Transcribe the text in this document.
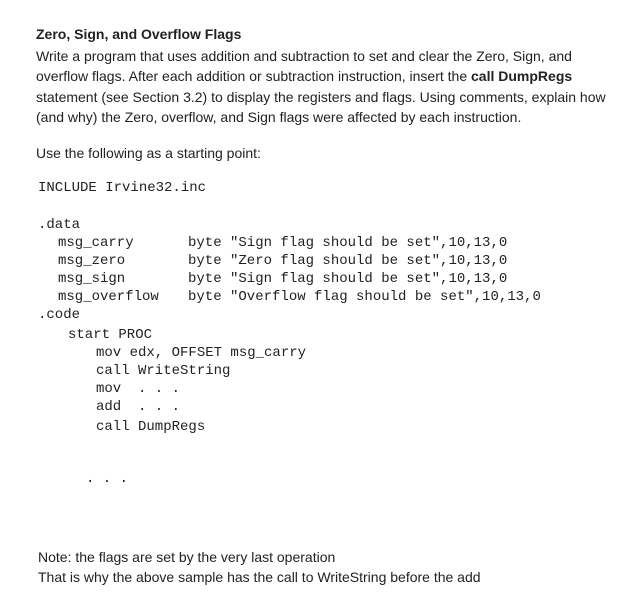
Zero, Sign, and Overflow Flags
Write a program that uses addition and subtraction to set and clear the Zero, Sign, and overflow flags. After each addition or subtraction instruction, insert the call DumpRegs statement (see Section 3.2) to display the registers and flags. Using comments, explain how (and why) the Zero, overflow, and Sign flags were affected by each instruction.
Use the following as a starting point:
INCLUDE Irvine32.inc
.data
msg_carry	byte "Sign flag should be set",10,13,0
msg_zero	byte "Zero flag should be set",10,13,0
msg_sign	byte "Sign flag should be set",10,13,0
msg_overflow byte "Overflow flag should be set",10,13,0
.code
start PROC
mov edx, OFFSET msg_carry
call WriteString
mov  . . .
add  . . .
call DumpRegs
. . .
Note: the flags are set by the very last operation
That is why the above sample has the call to WriteString before the add
